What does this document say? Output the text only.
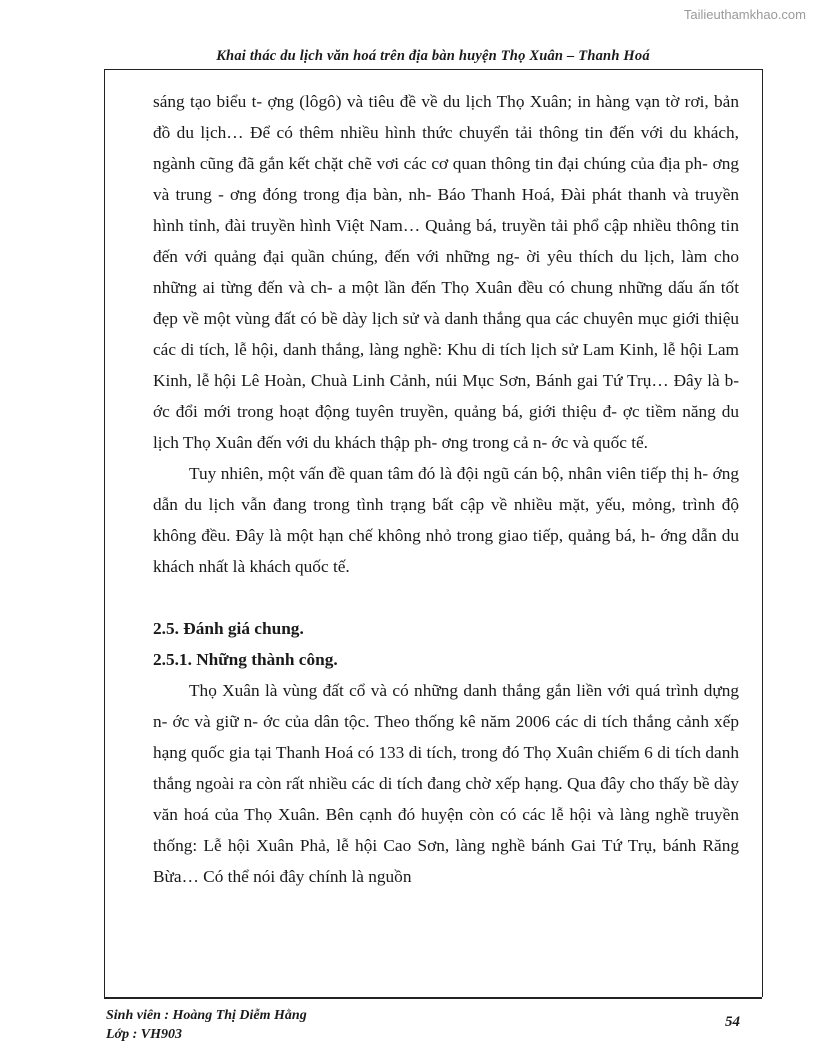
Tailieuthamkhao.com
Khai thác du lịch văn hoá trên địa bàn huyện Thọ Xuân – Thanh Hoá

sáng tạo biểu t- ợng (lôgô) và tiêu đề về du lịch Thọ Xuân; in hàng vạn tờ rơi, bản đồ du lịch… Để có thêm nhiều hình thức chuyển tải thông tin đến với du khách, ngành cũng đã gắn kết chặt chẽ vơi các cơ quan thông tin đại chúng của địa ph- ơng và trung - ơng đóng trong địa bàn, nh- Báo Thanh Hoá, Đài phát thanh và truyền hình tỉnh, đài truyền hình Việt Nam… Quảng bá, truyền tải phổ cập nhiều thông tin đến với quảng đại quần chúng, đến với những ng- ời yêu thích du lịch, làm cho những ai từng đến và ch- a một lần đến Thọ Xuân đều có chung những dấu ấn tốt đẹp về một vùng đất có bề dày lịch sử và danh thắng qua các chuyên mục giới thiệu các di tích, lễ hội, danh thắng, làng nghề: Khu di tích lịch sử Lam Kinh, lễ hội Lam Kinh, lễ hội Lê Hoàn, Chuà Linh Cảnh, núi Mục Sơn, Bánh gai Tứ Trụ… Đây là b- ớc đổi mới trong hoạt động tuyên truyền, quảng bá, giới thiệu đ- ợc tiềm năng du lịch Thọ Xuân đến với du khách thập ph- ơng trong cả n- ớc và quốc tế.

Tuy nhiên, một vấn đề quan tâm đó là đội ngũ cán bộ, nhân viên tiếp thị h- ớng dẫn du lịch vẫn đang trong tình trạng bất cập về nhiều mặt, yếu, mỏng, trình độ không đều. Đây là một hạn chế không nhỏ trong giao tiếp, quảng bá, h- ớng dẫn du khách nhất là khách quốc tế.

2.5. Đánh giá chung.

2.5.1. Những thành công.

Thọ Xuân là vùng đất cổ và có những danh thắng gắn liền với quá trình dựng n- ớc và giữ n- ớc của dân tộc. Theo thống kê năm 2006 các di tích thắng cảnh xếp hạng quốc gia tại Thanh Hoá có 133 di tích, trong đó Thọ Xuân chiếm 6 di tích danh thắng ngoài ra còn rất nhiều các di tích đang chờ xếp hạng. Qua đây cho thấy bề dày văn hoá của Thọ Xuân. Bên cạnh đó huyện còn có các lễ hội và làng nghề truyền thống: Lễ hội Xuân Phả, lễ hội Cao Sơn, làng nghề bánh Gai Tứ Trụ, bánh Răng Bừa… Có thể nói đây chính là nguồn

Sinh viên : Hoàng Thị Diễm Hằng
Lớp : VH903
54
